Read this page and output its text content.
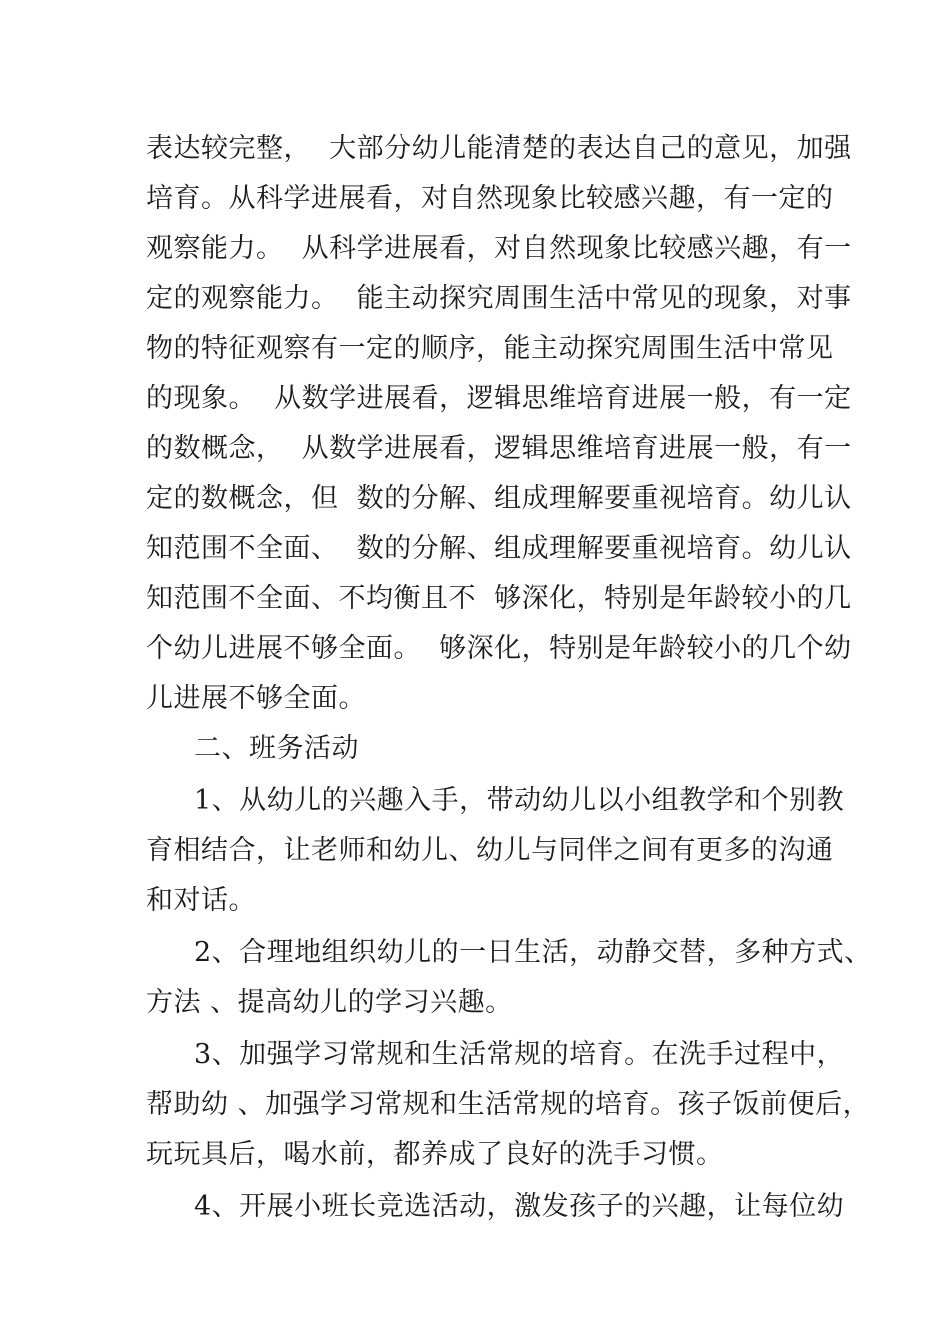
表达较完整，  大部分幼儿能清楚的表达自己的意见，加强
培育。从科学进展看，对自然现象比较感兴趣，有一定的
观察能力。  从科学进展看，对自然现象比较感兴趣，有一
定的观察能力。  能主动探究周围生活中常见的现象，对事
物的特征观察有一定的顺序，能主动探究周围生活中常见
的现象。  从数学进展看，逻辑思维培育进展一般，有一定
的数概念，  从数学进展看，逻辑思维培育进展一般，有一
定的数概念，但  数的分解、组成理解要重视培育。幼儿认
知范围不全面、  数的分解、组成理解要重视培育。幼儿认
知范围不全面、不均衡且不  够深化，特别是年龄较小的几
个幼儿进展不够全面。  够深化，特别是年龄较小的几个幼
儿进展不够全面。
二、班务活动
1、从幼儿的兴趣入手，带动幼儿以小组教学和个别教
育相结合，让老师和幼儿、幼儿与同伴之间有更多的沟通
和对话。
2、合理地组织幼儿的一日生活，动静交替，多种方式、
方法 、提高幼儿的学习兴趣。
3、加强学习常规和生活常规的培育。在洗手过程中，
帮助幼 、加强学习常规和生活常规的培育。孩子饭前便后，
玩玩具后，喝水前，都养成了良好的洗手习惯。
4、开展小班长竞选活动，激发孩子的兴趣，让每位幼
